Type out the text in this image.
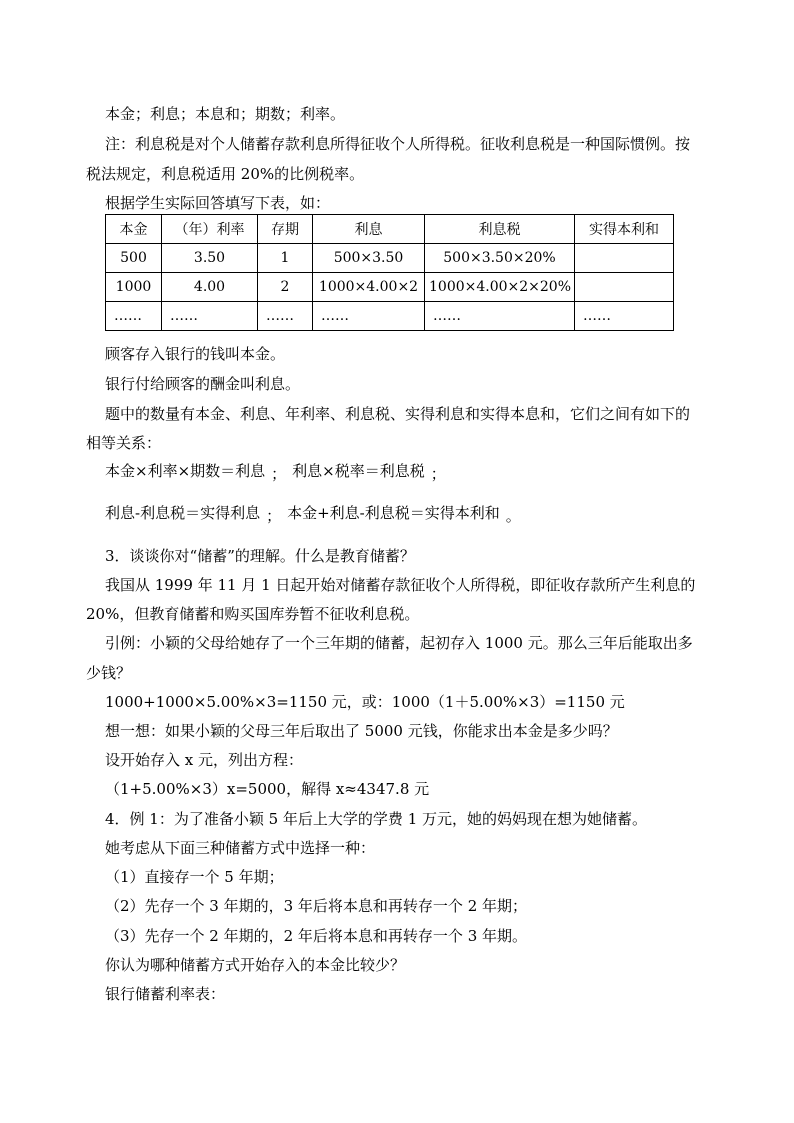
本金；利息；本息和；期数；利率。
注：利息税是对个人储蓄存款利息所得征收个人所得税。征收利息税是一种国际惯例。按
税法规定，利息税适用 20%的比例税率。
根据学生实际回答填写下表，如：
本金	（年）利率	存期	利息	利息税	实得本利和
500	3.50	1	500×3.50	500×3.50×20%	
1000	4.00	2	1000×4.00×2	1000×4.00×2×20%	
……	……	……	……	……	……
顾客存入银行的钱叫本金。
银行付给顾客的酬金叫利息。
题中的数量有本金、利息、年利率、利息税、实得利息和实得本息和，它们之间有如下的
相等关系：
本金×利率×期数＝利息 ； 利息×税率＝利息税 ；
利息-利息税＝实得利息 ； 本金+利息-利息税＝实得本利和 。
3．谈谈你对“储蓄”的理解。什么是教育储蓄？
我国从 1999 年 11 月 1 日起开始对储蓄存款征收个人所得税，即征收存款所产生利息的
20%，但教育储蓄和购买国库券暂不征收利息税。
引例：小颖的父母给她存了一个三年期的储蓄，起初存入 1000 元。那么三年后能取出多
少钱？
1000+1000×5.00%×3=1150 元，或：1000（1＋5.00%×3）=1150 元
想一想：如果小颖的父母三年后取出了 5000 元钱，你能求出本金是多少吗？
设开始存入 x 元，列出方程：
（1+5.00%×3）x=5000，解得 x≈4347.8 元
4．例 1：为了准备小颖 5 年后上大学的学费 1 万元，她的妈妈现在想为她储蓄。
她考虑从下面三种储蓄方式中选择一种：
（1）直接存一个 5 年期；
（2）先存一个 3 年期的，3 年后将本息和再转存一个 2 年期；
（3）先存一个 2 年期的，2 年后将本息和再转存一个 3 年期。
你认为哪种储蓄方式开始存入的本金比较少？
银行储蓄利率表：
